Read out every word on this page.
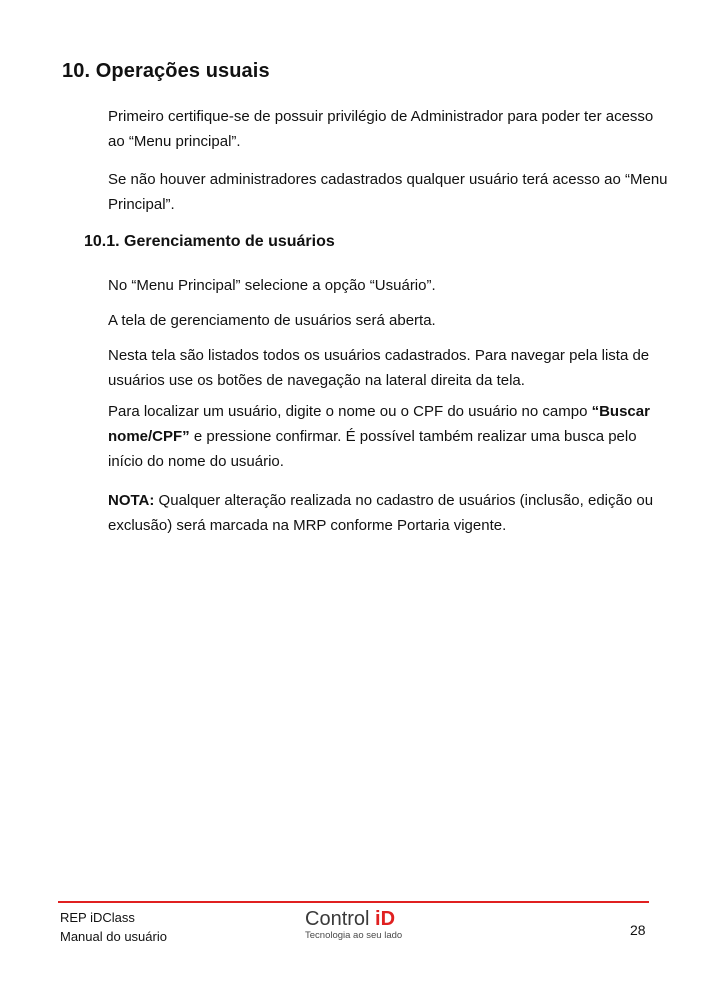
10. Operações usuais

Primeiro certifique-se de possuir privilégio de Administrador para poder ter acesso ao “Menu principal”.

Se não houver administradores cadastrados qualquer usuário terá acesso ao “Menu Principal”.

10.1. Gerenciamento de usuários

No “Menu Principal” selecione a opção “Usuário”.

A tela de gerenciamento de usuários será aberta.

Nesta tela são listados todos os usuários cadastrados. Para navegar pela lista de usuários use os botões de navegação na lateral direita da tela.

Para localizar um usuário, digite o nome ou o CPF do usuário no campo “Buscar nome/CPF” e pressione confirmar. É possível também realizar uma busca pelo início do nome do usuário.

NOTA: Qualquer alteração realizada no cadastro de usuários (inclusão, edição ou exclusão) será marcada na MRP conforme Portaria vigente.

REP iDClass
Manual do usuário
Control iD
Tecnologia ao seu lado	28
